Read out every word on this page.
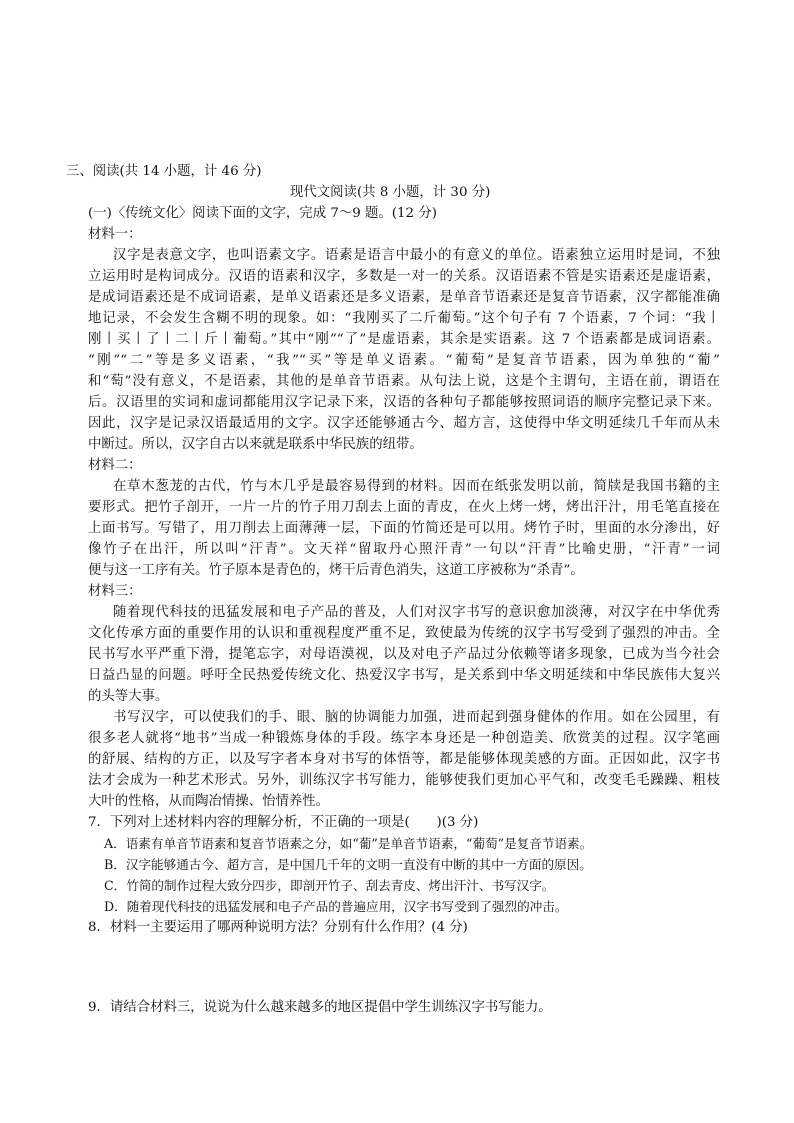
三、阅读(共 14 小题，计 46 分)
现代文阅读(共 8 小题，计 30 分)
(一)〈传统文化〉阅读下面的文字，完成 7～9 题。(12 分)
材料一：
汉字是表意文字，也叫语素文字。语素是语言中最小的有意义的单位。语素独立运用时是词，不独
立运用时是构词成分。汉语的语素和汉字，多数是一对一的关系。汉语语素不管是实语素还是虚语素，
是成词语素还是不成词语素，是单义语素还是多义语素，是单音节语素还是复音节语素，汉字都能准确
地记录，不会发生含糊不明的现象。如：“我刚买了二斤葡萄。”这个句子有 7 个语素，7 个词：“我丨
刚丨买丨了丨二丨斤丨葡萄。”其中“刚”“了”是虚语素，其余是实语素。这 7 个语素都是成词语素。
“刚”“二”等是多义语素，“我”“买”等是单义语素。“葡萄”是复音节语素，因为单独的“葡”
和“萄”没有意义，不是语素，其他的是单音节语素。从句法上说，这是个主谓句，主语在前，谓语在
后。汉语里的实词和虚词都能用汉字记录下来，汉语的各种句子都能够按照词语的顺序完整记录下来。
因此，汉字是记录汉语最适用的文字。汉字还能够通古今、超方言，这使得中华文明延续几千年而从未
中断过。所以，汉字自古以来就是联系中华民族的纽带。
材料二：
在草木葱茏的古代，竹与木几乎是最容易得到的材料。因而在纸张发明以前，简牍是我国书籍的主
要形式。把竹子剖开，一片一片的竹子用刀刮去上面的青皮，在火上烤一烤，烤出汗汁，用毛笔直接在
上面书写。写错了，用刀削去上面薄薄一层，下面的竹简还是可以用。烤竹子时，里面的水分渗出，好
像竹子在出汗，所以叫“汗青”。文天祥“留取丹心照汗青”一句以“汗青”比喻史册，“汗青”一词
便与这一工序有关。竹子原本是青色的，烤干后青色消失，这道工序被称为“杀青”。
材料三：
随着现代科技的迅猛发展和电子产品的普及，人们对汉字书写的意识愈加淡薄，对汉字在中华优秀
文化传承方面的重要作用的认识和重视程度严重不足，致使最为传统的汉字书写受到了强烈的冲击。全
民书写水平严重下滑，提笔忘字，对母语漠视，以及对电子产品过分依赖等诸多现象，已成为当今社会
日益凸显的问题。呼吁全民热爱传统文化、热爱汉字书写，是关系到中华文明延续和中华民族伟大复兴
的头等大事。
书写汉字，可以使我们的手、眼、脑的协调能力加强，进而起到强身健体的作用。如在公园里，有
很多老人就将“地书”当成一种锻炼身体的手段。练字本身还是一种创造美、欣赏美的过程。汉字笔画
的舒展、结构的方正，以及写字者本身对书写的体悟等，都是能够体现美感的方面。正因如此，汉字书
法才会成为一种艺术形式。另外，训练汉字书写能力，能够使我们更加心平气和，改变毛毛躁躁、粗枝
大叶的性格，从而陶冶情操、怡情养性。
7．下列对上述材料内容的理解分析，不正确的一项是(　　)(3 分)
A．语素有单音节语素和复音节语素之分，如“葡”是单音节语素，“葡萄”是复音节语素。
B．汉字能够通古今、超方言，是中国几千年的文明一直没有中断的其中一方面的原因。
C．竹简的制作过程大致分四步，即剖开竹子、刮去青皮、烤出汗汁、书写汉字。
D．随着现代科技的迅猛发展和电子产品的普遍应用，汉字书写受到了强烈的冲击。
8．材料一主要运用了哪两种说明方法？分别有什么作用？(4 分)
9．请结合材料三，说说为什么越来越多的地区提倡中学生训练汉字书写能力。
